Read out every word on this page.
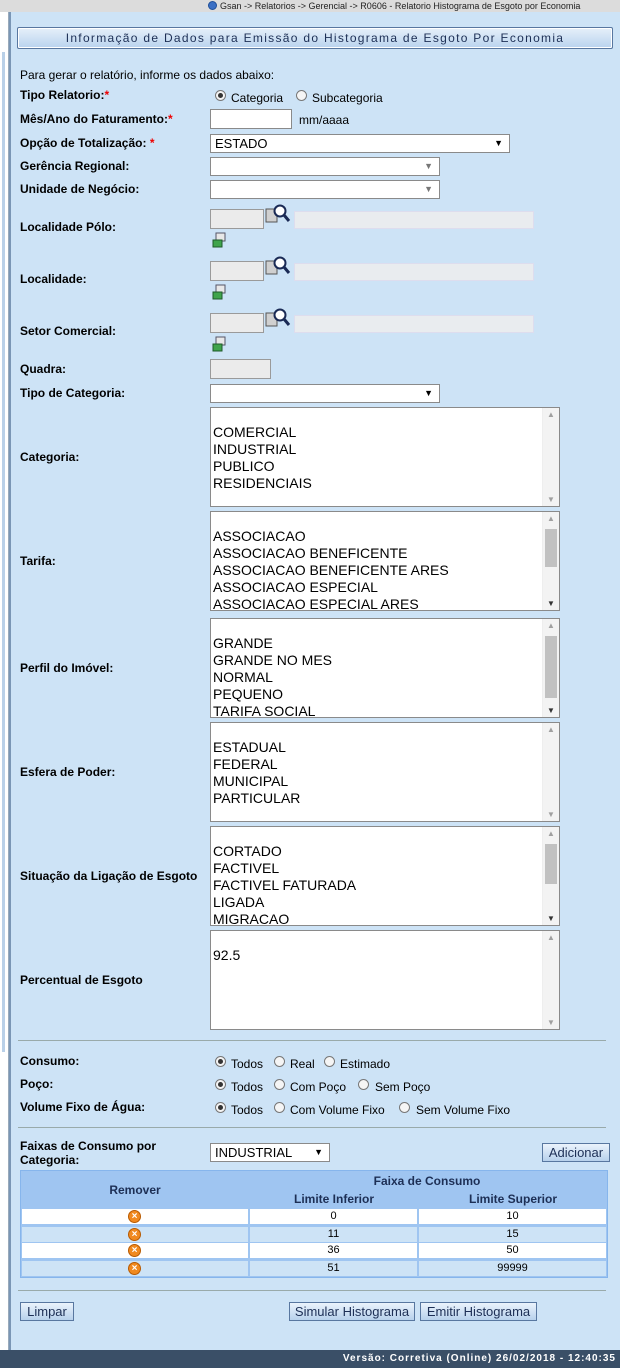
Gsan -> Relatorios -> Gerencial -> R0606 - Relatorio Histograma de Esgoto por Economia
Informação de Dados para Emissão do Histograma de Esgoto Por Economia
Para gerar o relatório, informe os dados abaixo:
Tipo Relatorio:*	Categoria Subcategoria
Mês/Ano do Faturamento:*	mm/aaaa
Opção de Totalização: *	ESTADO	▼
Gerência Regional:	▼
Unidade de Negócio:	▼
Localidade Pólo:
Localidade:
Setor Comercial:
Quadra:
Tipo de Categoria:	▼
Categoria:
COMERCIAL
INDUSTRIAL
PUBLICO
RESIDENCIAIS
▲
▼
Tarifa:
ASSOCIACAO
ASSOCIACAO BENEFICENTE
ASSOCIACAO BENEFICENTE ARES
ASSOCIACAO ESPECIAL
ASSOCIACAO ESPECIAL ARES
▲
▼
Perfil do Imóvel:
GRANDE
GRANDE NO MES
NORMAL
PEQUENO
TARIFA SOCIAL
▲
▼
Esfera de Poder:
ESTADUAL
FEDERAL
MUNICIPAL
PARTICULAR
▲
▼
Situação da Ligação de Esgoto
CORTADO
FACTIVEL
FACTIVEL FATURADA
LIGADA
MIGRACAO
▲
▼
Percentual de Esgoto
92.5
▲
▼
Consumo:	Todos Real Estimado
Poço:	Todos Com Poço Sem Poço
Volume Fixo de Água:	Todos Com Volume Fixo	Sem Volume Fixo
Faixas de Consumo por
Categoria:	INDUSTRIAL ▼	Adicionar
Remover
Faixa de Consumo
Limite Inferior	Limite Superior
×	0	10
×	11	15
×	36	50
×	51	99999
Limpar	Simular Histograma	Emitir Histograma
Versão: Corretiva (Online) 26/02/2018 - 12:40:35
